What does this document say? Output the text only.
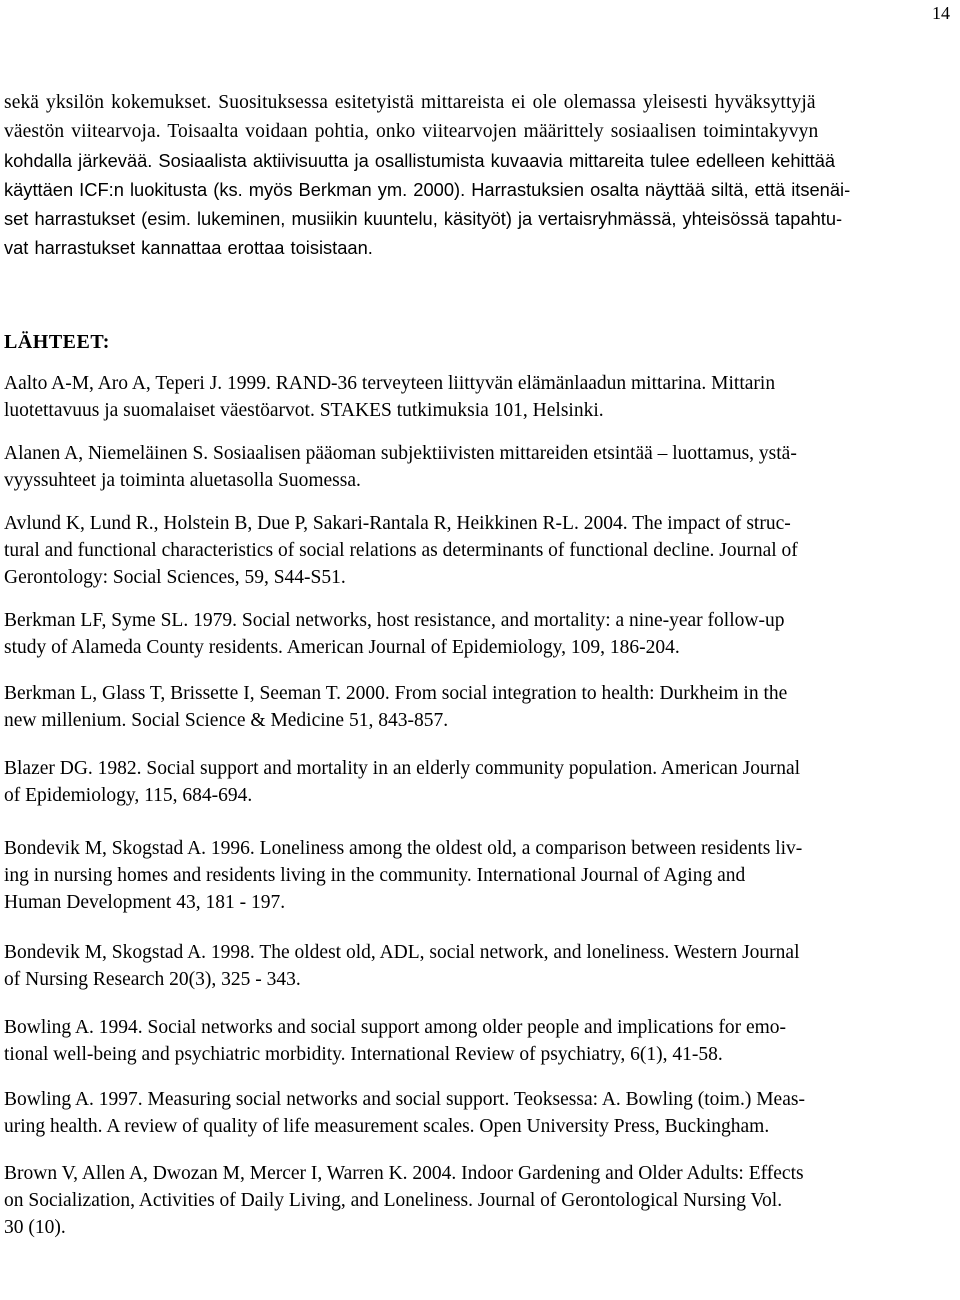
14
sekä yksilön kokemukset. Suosituksessa esitetyistä mittareista ei ole olemassa yleisesti hyväksyttyjä
väestön viitearvoja. Toisaalta voidaan pohtia, onko viitearvojen määrittely sosiaalisen toimintakyvyn
kohdalla järkevää. Sosiaalista aktiivisuutta ja osallistumista kuvaavia mittareita tulee edelleen kehittää
käyttäen ICF:n luokitusta (ks. myös Berkman ym. 2000). Harrastuksien osalta näyttää siltä, että itsenäi-
set harrastukset (esim. lukeminen, musiikin kuuntelu, käsityöt) ja vertaisryhmässä, yhteisössä tapahtu-
vat harrastukset kannattaa erottaa toisistaan.
LÄHTEET:
Aalto A-M, Aro A, Teperi J. 1999. RAND-36 terveyteen liittyvän elämänlaadun mittarina. Mittarin
luotettavuus ja suomalaiset väestöarvot. STAKES tutkimuksia 101, Helsinki.
Alanen A, Niemeläinen S. Sosiaalisen pääoman subjektiivisten mittareiden etsintää – luottamus, ystä-
vyyssuhteet ja toiminta aluetasolla Suomessa.
Avlund K, Lund R., Holstein B, Due P, Sakari-Rantala R, Heikkinen R-L. 2004. The impact of struc-
tural and functional characteristics of social relations as determinants of functional decline. Journal of
Gerontology: Social Sciences, 59, S44-S51.
Berkman LF, Syme SL. 1979. Social networks, host resistance, and mortality: a nine-year follow-up
study of Alameda County residents. American Journal of Epidemiology, 109, 186-204.
Berkman L, Glass T, Brissette I, Seeman T. 2000. From social integration to health: Durkheim in the
new millenium. Social Science & Medicine 51, 843-857.
Blazer DG. 1982. Social support and mortality in an elderly community population. American Journal
of Epidemiology, 115, 684-694.
Bondevik M, Skogstad A. 1996. Loneliness among the oldest old, a comparison between residents liv-
ing in nursing homes and residents living in the community. International Journal of Aging and
Human Development 43, 181 - 197.
Bondevik M, Skogstad A. 1998. The oldest old, ADL, social network, and loneliness. Western Journal
of Nursing Research 20(3), 325 - 343.
Bowling A. 1994. Social networks and social support among older people and implications for emo-
tional well-being and psychiatric morbidity. International Review of psychiatry, 6(1), 41-58.
Bowling A. 1997. Measuring social networks and social support. Teoksessa: A. Bowling (toim.) Meas-
uring health. A review of quality of life measurement scales. Open University Press, Buckingham.
Brown V, Allen A, Dwozan M, Mercer I, Warren K. 2004. Indoor Gardening and Older Adults: Effects
on Socialization, Activities of Daily Living, and Loneliness. Journal of Gerontological Nursing Vol.
30 (10).
